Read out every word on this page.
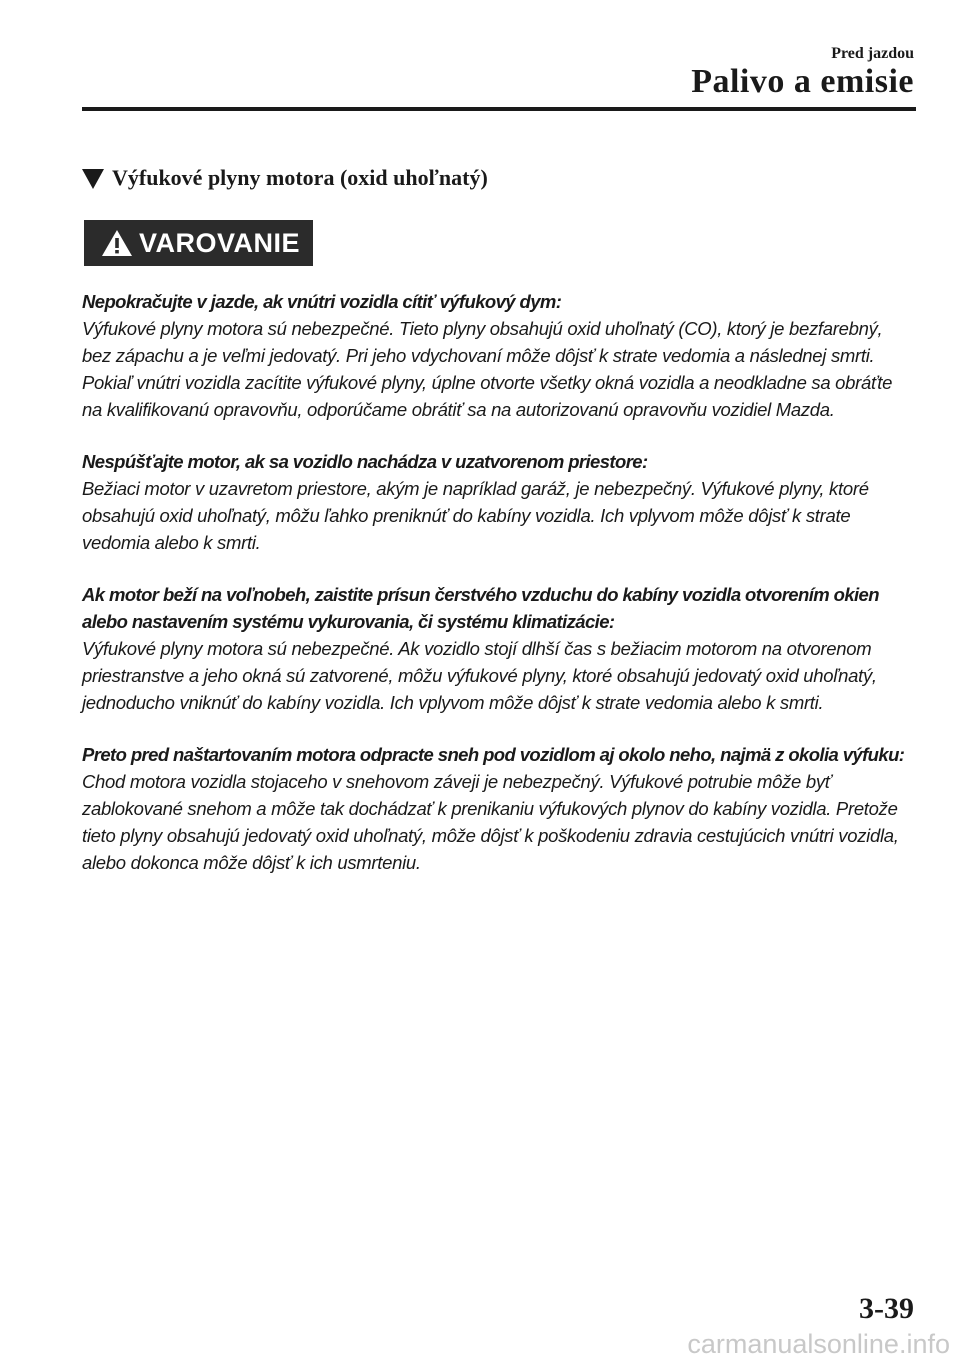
Pred jazdou
Palivo a emisie
Výfukové plyny motora (oxid uhoľnatý)
VAROVANIE

Nepokračujte v jazde, ak vnútri vozidla cítiť výfukový dym:

Výfukové plyny motora sú nebezpečné. Tieto plyny obsahujú oxid uhoľnatý (CO), ktorý je bezfarebný, bez zápachu a je veľmi jedovatý. Pri jeho vdychovaní môže dôjsť k strate vedomia a následnej smrti. Pokiaľ vnútri vozidla zacítite výfukové plyny, úplne otvorte všetky okná vozidla a neodkladne sa obráťte na kvalifikovanú opravovňu, odporúčame obrátiť sa na autorizovanú opravovňu vozidiel Mazda.

Nespúšťajte motor, ak sa vozidlo nachádza v uzatvorenom priestore:

Bežiaci motor v uzavretom priestore, akým je napríklad garáž, je nebezpečný. Výfukové plyny, ktoré obsahujú oxid uhoľnatý, môžu ľahko preniknúť do kabíny vozidla. Ich vplyvom môže dôjsť k strate vedomia alebo k smrti.

Ak motor beží na voľnobeh, zaistite prísun čerstvého vzduchu do kabíny vozidla otvorením okien alebo nastavením systému vykurovania, či systému klimatizácie:

Výfukové plyny motora sú nebezpečné. Ak vozidlo stojí dlhší čas s bežiacim motorom na otvorenom priestranstve a jeho okná sú zatvorené, môžu výfukové plyny, ktoré obsahujú jedovatý oxid uhoľnatý, jednoducho vniknúť do kabíny vozidla. Ich vplyvom môže dôjsť k strate vedomia alebo k smrti.

Preto pred naštartovaním motora odpracte sneh pod vozidlom aj okolo neho, najmä z okolia výfuku:

Chod motora vozidla stojaceho v snehovom záveji je nebezpečný. Výfukové potrubie môže byť zablokované snehom a môže tak dochádzať k prenikaniu výfukových plynov do kabíny vozidla. Pretože tieto plyny obsahujú jedovatý oxid uhoľnatý, môže dôjsť k poškodeniu zdravia cestujúcich vnútri vozidla, alebo dokonca môže dôjsť k ich usmrteniu.

3-39
carmanualsonline.info
